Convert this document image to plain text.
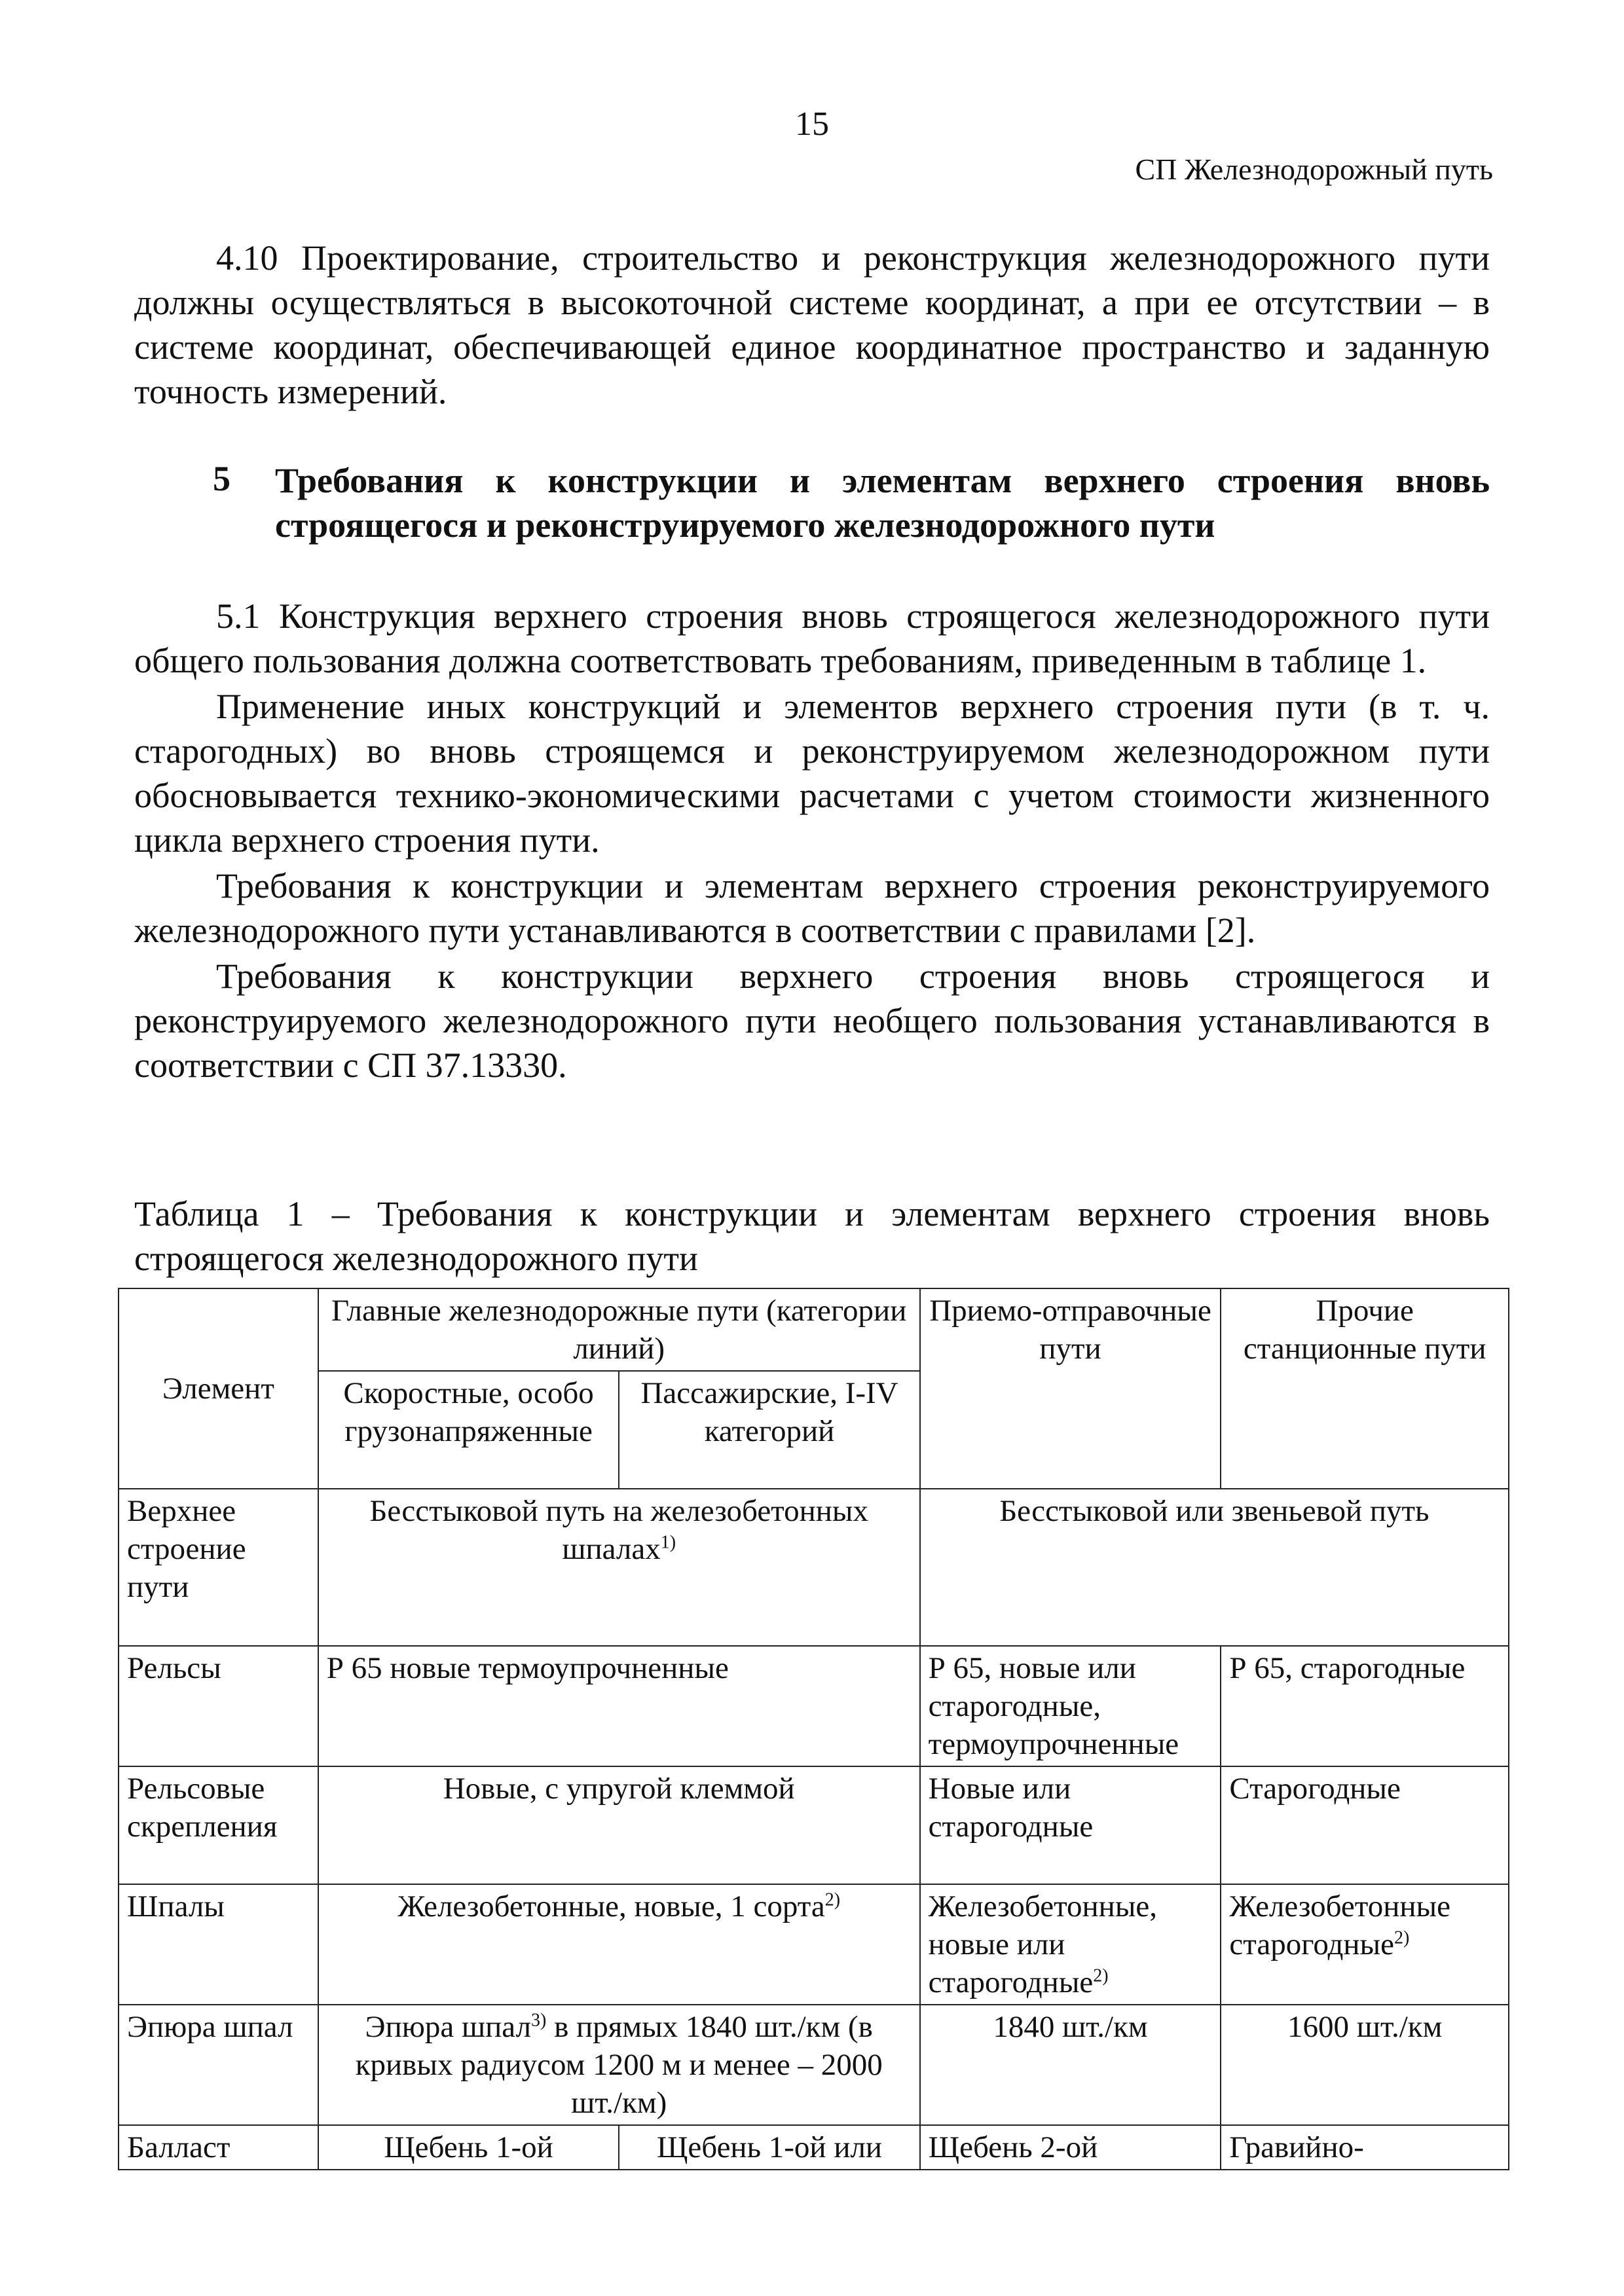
15
СП Железнодорожный путь

4.10 Проектирование, строительство и реконструкция железнодорожного пути должны осуществляться в высокоточной системе координат, а при ее отсутствии – в системе координат, обеспечивающей единое координатное пространство и заданную точность измерений.

5 Требования к конструкции и элементам верхнего строения вновь строящегося и реконструируемого железнодорожного пути

5.1 Конструкция верхнего строения вновь строящегося железнодорожного пути общего пользования должна соответствовать требованиям, приведенным в таблице 1.

Применение иных конструкций и элементов верхнего строения пути (в т. ч. старогодных) во вновь строящемся и реконструируемом железнодорожном пути обосновывается технико-экономическими расчетами с учетом стоимости жизненного цикла верхнего строения пути.

Требования к конструкции и элементам верхнего строения реконструируемого железнодорожного пути устанавливаются в соответствии с правилами [2].

Требования к конструкции верхнего строения вновь строящегося и реконструируемого железнодорожного пути необщего пользования устанавливаются в соответствии с СП 37.13330.

Таблица 1 – Требования к конструкции и элементам верхнего строения вновь строящегося железнодорожного пути

Элемент	Главные железнодорожные пути (категории линий)		Приемо-отправочные пути	Прочие станционные пути
	Скоростные, особо грузонапряженные	Пассажирские, I-IV категорий		
Верхнее строение пути	Бесстыковой путь на железобетонных шпалах$^{1)}$		Бесстыковой или звеньевой путь	
Рельсы	Р 65 новые термоупрочненные		Р 65, новые или старогодные, термоупрочненные	Р 65, старогодные
Рельсовые скрепления	Новые, с упругой клеммой		Новые или старогодные	Старогодные
Шпалы	Железобетонные, новые, 1 сорта$^{2)}$		Железобетонные, новые или старогодные$^{2)}$	Железобетонные старогодные$^{2)}$
Эпюра шпал	Эпюра шпал$^{3)}$ в прямых 1840 шт./км (в кривых радиусом 1200 м и менее – 2000 шт./км)		1840 шт./км	1600 шт./км
Балласт	Щебень 1-ой	Щебень 1-ой или	Щебень 2-ой	Гравийно-
